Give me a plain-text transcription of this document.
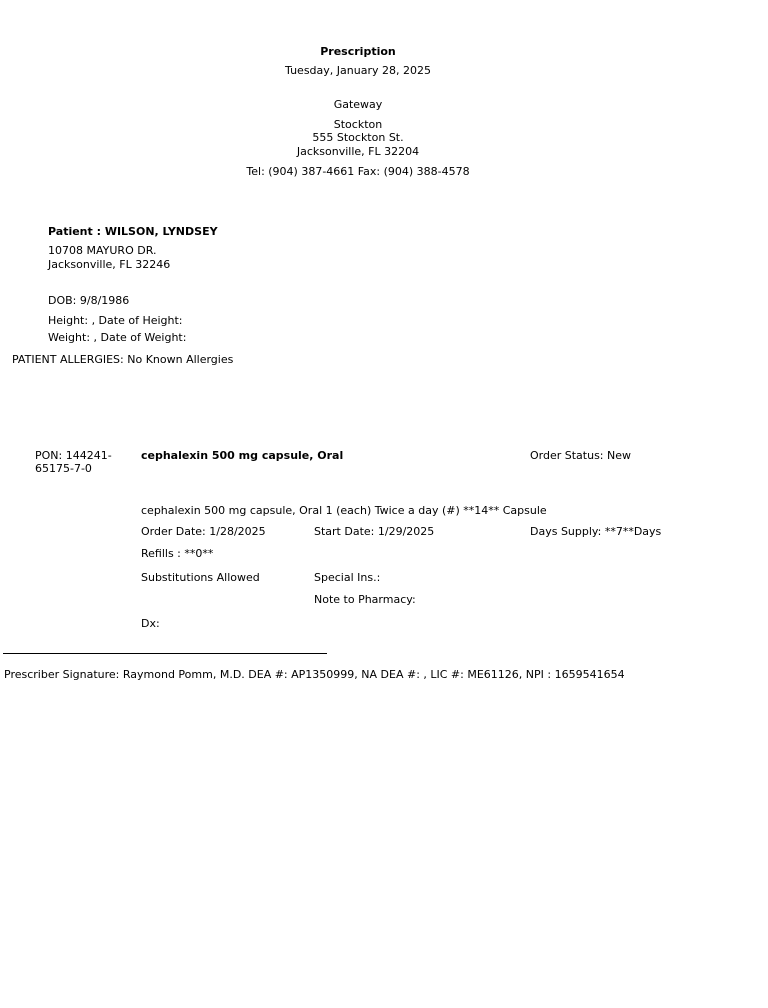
Prescription
Tuesday, January 28, 2025
Gateway
Stockton
555 Stockton St.
Jacksonville, FL 32204
Tel: (904) 387-4661 Fax: (904) 388-4578
Patient : WILSON, LYNDSEY
10708 MAYURO DR.
Jacksonville, FL 32246
DOB: 9/8/1986
Height: , Date of Height:
Weight: , Date of Weight:
PATIENT ALLERGIES: No Known Allergies
PON: 144241-
65175-7-0
cephalexin 500 mg capsule, Oral	Order Status: New
cephalexin 500 mg capsule, Oral 1 (each) Twice a day (#) **14** Capsule
Order Date: 1/28/2025	Start Date: 1/29/2025	Days Supply: **7**Days
Refills : **0**
Substitutions Allowed	Special Ins.:
Note to Pharmacy:
Dx:
Prescriber Signature: Raymond Pomm, M.D. DEA #: AP1350999, NA DEA #: , LIC #: ME61126, NPI : 1659541654
